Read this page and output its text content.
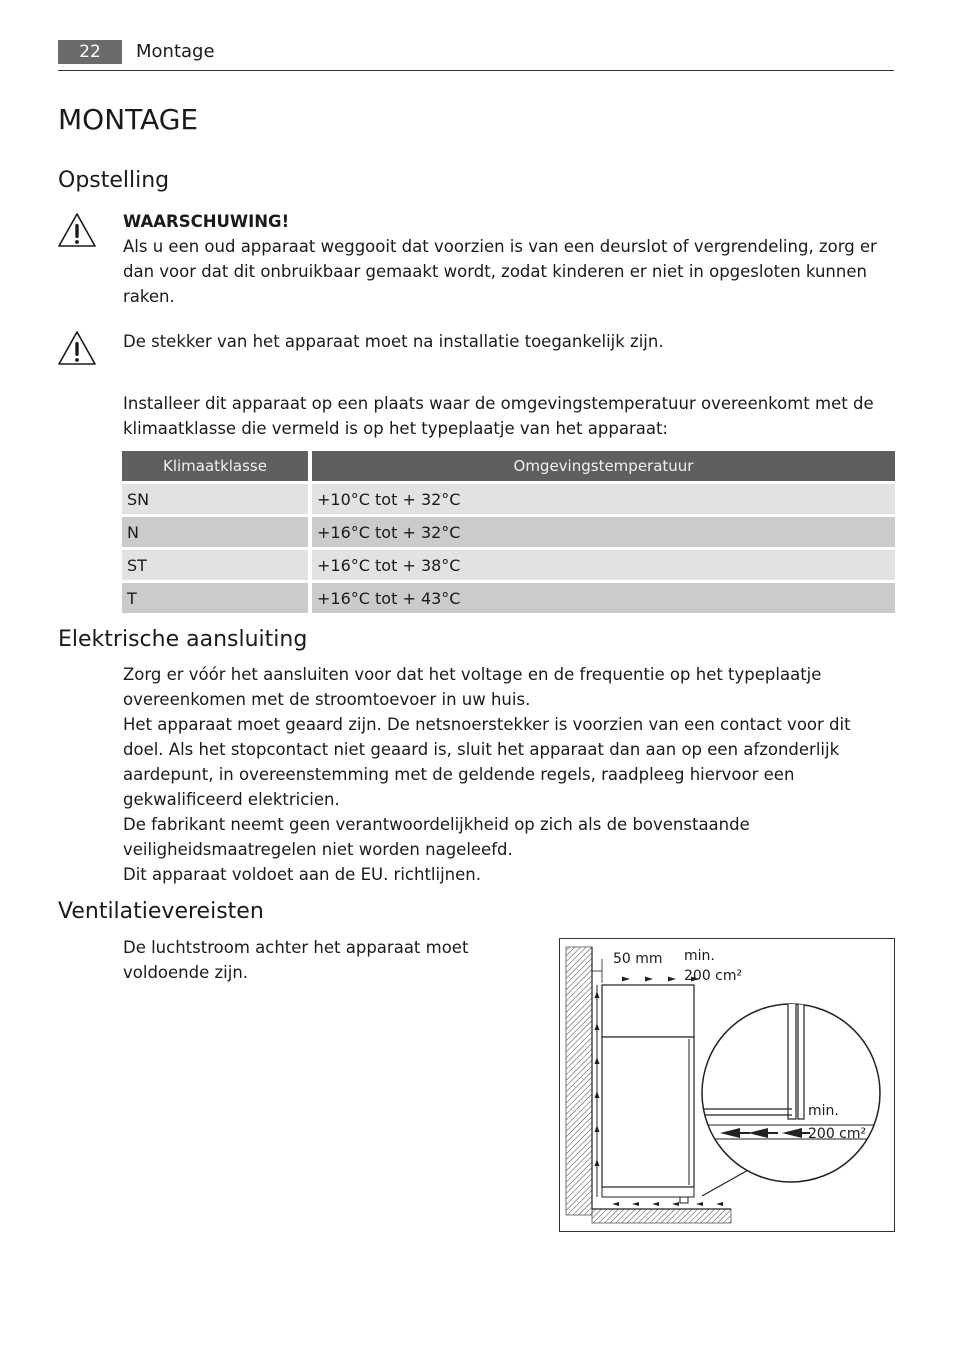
22	Montage
MONTAGE
Opstelling

WAARSCHUWING!

Als u een oud apparaat weggooit dat voorzien is van een deurslot of vergrendeling, zorg er dan voor dat dit onbruikbaar gemaakt wordt, zodat kinderen er niet in opgesloten kunnen raken.

De stekker van het apparaat moet na installatie toegankelijk zijn.

Installeer dit apparaat op een plaats waar de omgevingstemperatuur overeenkomt met de klimaatklasse die vermeld is op het typeplaatje van het apparaat:

Klimaatklasse	Omgevingstemperatuur
SN	+10°C tot + 32°C
N	+16°C tot + 32°C
ST	+16°C tot + 38°C
T	+16°C tot + 43°C
Elektrische aansluiting

Zorg er vóór het aansluiten voor dat het voltage en de frequentie op het typeplaatje overeenkomen met de stroomtoevoer in uw huis.

Het apparaat moet geaard zijn. De netsnoerstekker is voorzien van een contact voor dit doel. Als het stopcontact niet geaard is, sluit het apparaat dan aan op een afzonderlijk aardepunt, in overeenstemming met de geldende regels, raadpleeg hiervoor een gekwalificeerd elektricien.

De fabrikant neemt geen verantwoordelijkheid op zich als de bovenstaande veiligheidsmaatregelen niet worden nageleefd.

Dit apparaat voldoet aan de EU. richtlijnen.

Ventilatievereisten

De luchtstroom achter het apparaat moet voldoende zijn.

50 mm min.
200 cm²
min.
200 cm²
